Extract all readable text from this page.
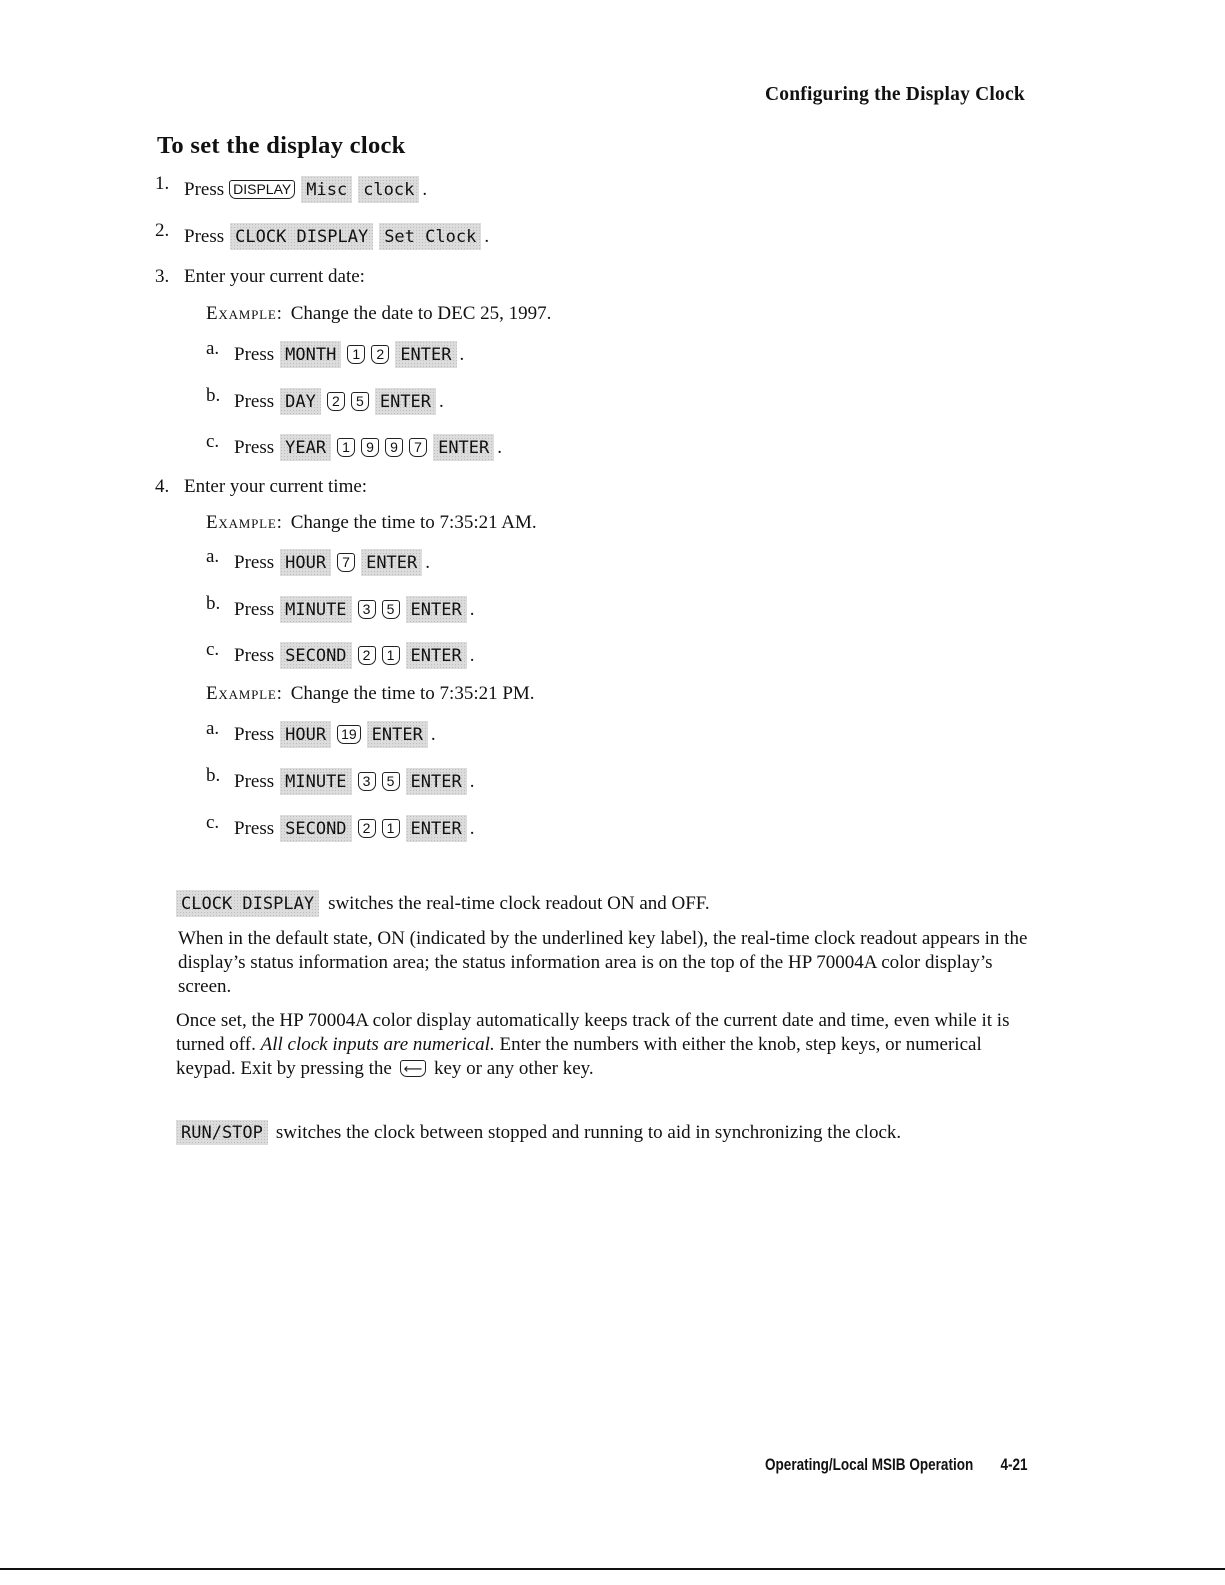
Configuring the Display Clock
To set the display clock
1. Press DISPLAY Misc clock .
2. Press CLOCK DISPLAY Set Clock .
3. Enter your current date:
Example: Change the date to DEC 25, 1997.
a. Press MONTH	1	2 ENTER .
b. Press DAY	2	5 ENTER .
c. Press YEAR	1	9	9	7 ENTER .
4. Enter your current time:
Example: Change the time to 7:35:21 AM.
a. Press HOUR	7 ENTER .
b. Press MINUTE	3	5 ENTER .
c. Press SECOND	2	1 ENTER .
Example: Change the time to 7:35:21 PM.
a. Press HOUR	19 ENTER .
b. Press MINUTE	3	5 ENTER .
c. Press SECOND	2	1 ENTER .
CLOCK DISPLAY switches the real-time clock readout ON and OFF.
When in the default state, ON (indicated by the underlined key label), the real-time clock readout appears in the display’s status information area; the status information area is on the top of the HP 70004A color display’s screen.
Once set, the HP 70004A color display automatically keeps track of the current date and time, even while it is turned off. All clock inputs are numerical. Enter the numbers with either the knob, step keys, or numerical keypad. Exit by pressing the ⟵ key or any other key.
RUN/STOP switches the clock between stopped and running to aid in synchronizing the clock.
Operating/Local MSIB Operation 4-21
